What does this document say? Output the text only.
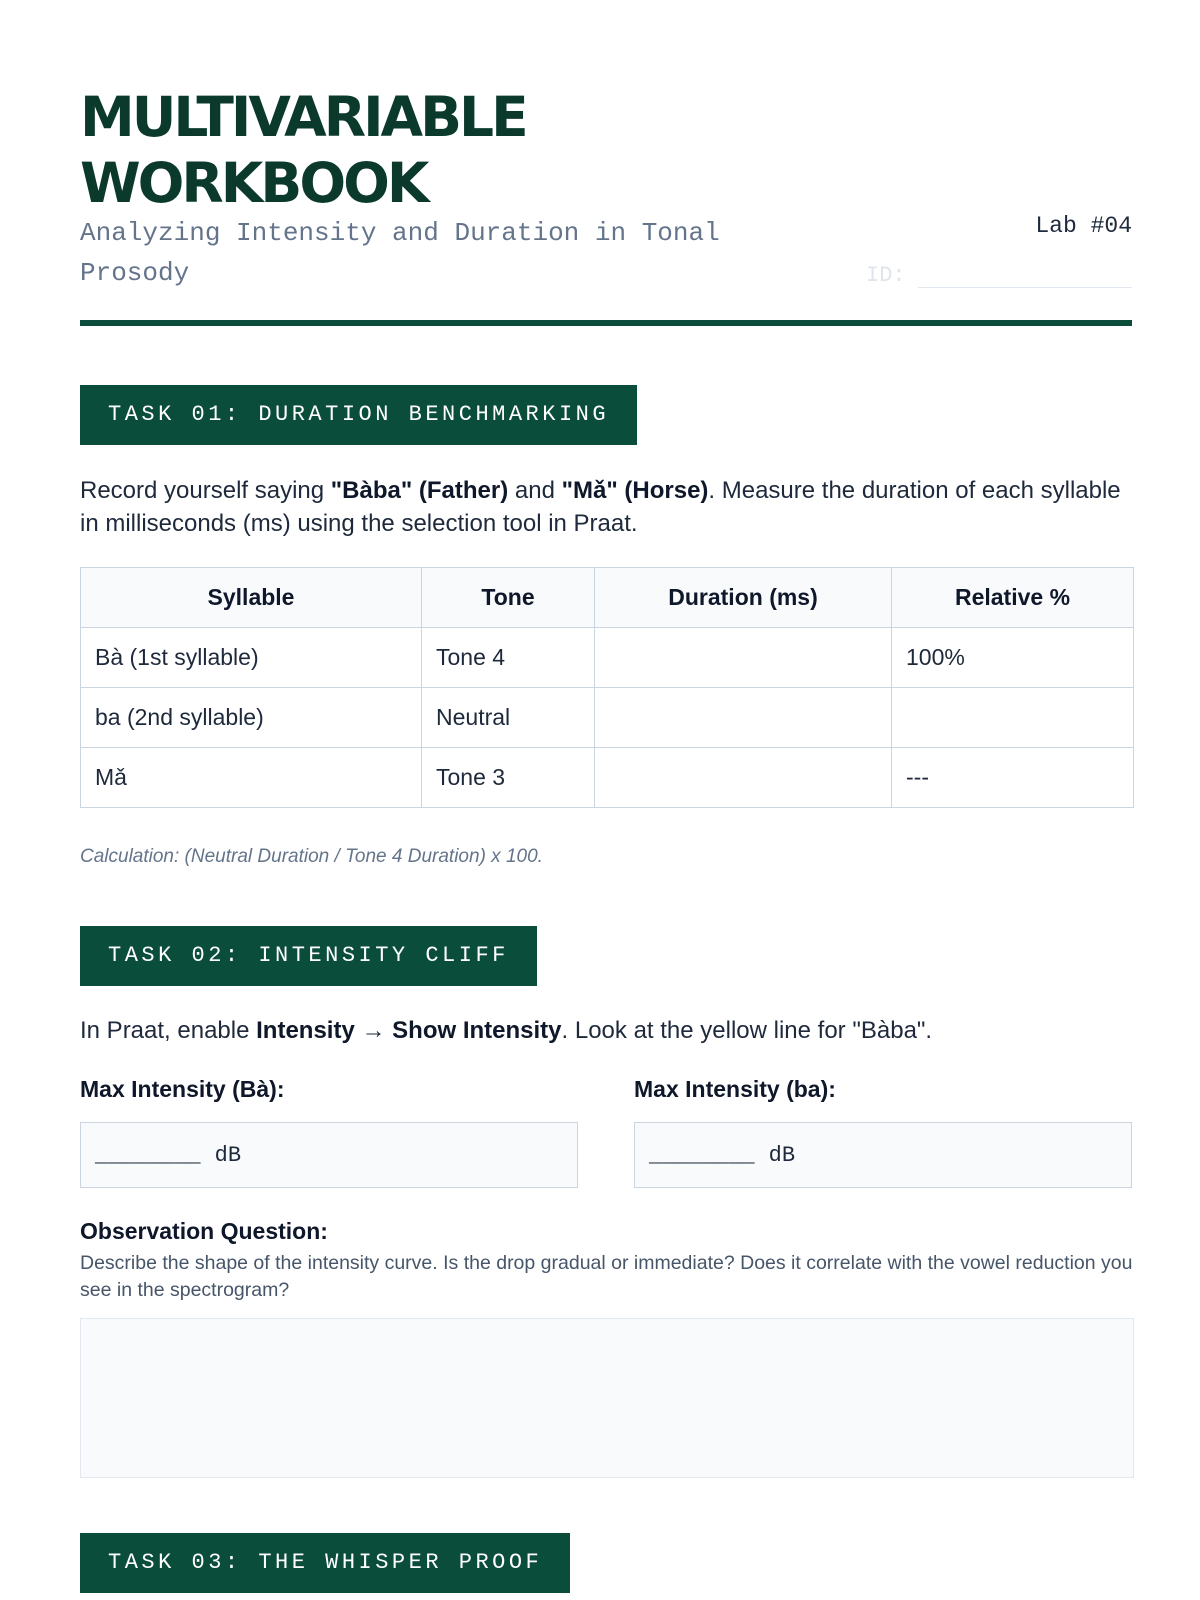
MULTIVARIABLE
WORKBOOK

Analyzing Intensity and Duration in Tonal Prosody

Lab #04
ID:
TASK 01: DURATION BENCHMARKING

Record yourself saying "Bàba" (Father) and "Mǎ" (Horse). Measure the duration of each syllable in milliseconds (ms) using the selection tool in Praat.

Syllable	Tone	Duration (ms)	Relative %
Bà (1st syllable)	Tone 4		100%
ba (2nd syllable)	Neutral		
Mǎ	Tone 3		---

Calculation: (Neutral Duration / Tone 4 Duration) x 100.

TASK 02: INTENSITY CLIFF

In Praat, enable Intensity → Show Intensity. Look at the yellow line for "Bàba".

Max Intensity (Bà):	Max Intensity (ba):

________ dB	________ dB

Observation Question:

Describe the shape of the intensity curve. Is the drop gradual or immediate? Does it correlate with the vowel reduction you see in the spectrogram?

TASK 03: THE WHISPER PROOF
